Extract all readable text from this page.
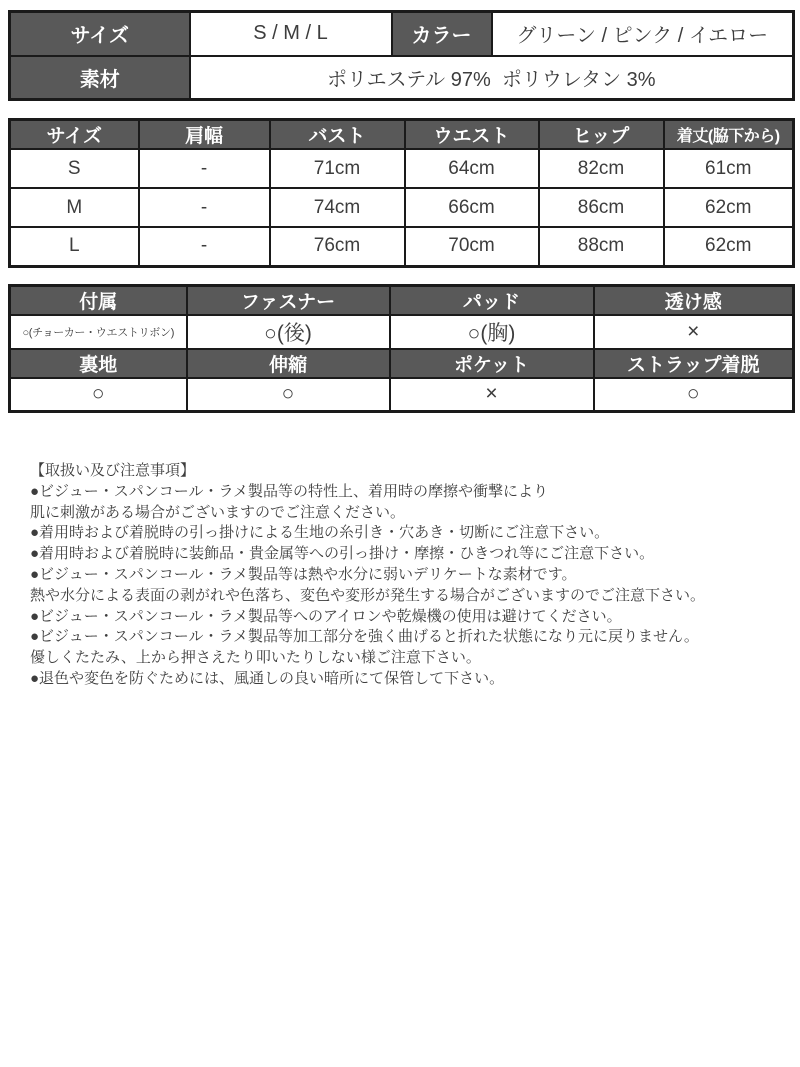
サイズ	S / M / L	カラー	グリーン / ピンク / イエロー
素材	ポリエステル 97%  ポリウレタン 3%		
サイズ	肩幅	バスト	ウエスト	ヒップ	着丈(脇下から)
S	-	71cm	64cm	82cm	61cm
M	-	74cm	66cm	86cm	62cm
L	-	76cm	70cm	88cm	62cm
付属	ファスナー	パッド	透け感
○(チョーカー・ウエストリボン)	○(後)	○(胸)	×
裏地	伸縮	ポケット	ストラップ着脱
○	○	×	○
【取扱い及び注意事項】
●ビジュー・スパンコール・ラメ製品等の特性上、着用時の摩擦や衝撃により
肌に刺激がある場合がございますのでご注意ください。
●着用時および着脱時の引っ掛けによる生地の糸引き・穴あき・切断にご注意下さい。
●着用時および着脱時に装飾品・貴金属等への引っ掛け・摩擦・ひきつれ等にご注意下さい。
●ビジュー・スパンコール・ラメ製品等は熱や水分に弱いデリケートな素材です。
熱や水分による表面の剥がれや色落ち、変色や変形が発生する場合がございますのでご注意下さい。
●ビジュー・スパンコール・ラメ製品等へのアイロンや乾燥機の使用は避けてください。
●ビジュー・スパンコール・ラメ製品等加工部分を強く曲げると折れた状態になり元に戻りません。
優しくたたみ、上から押さえたり叩いたりしない様ご注意下さい。
●退色や変色を防ぐためには、風通しの良い暗所にて保管して下さい。
